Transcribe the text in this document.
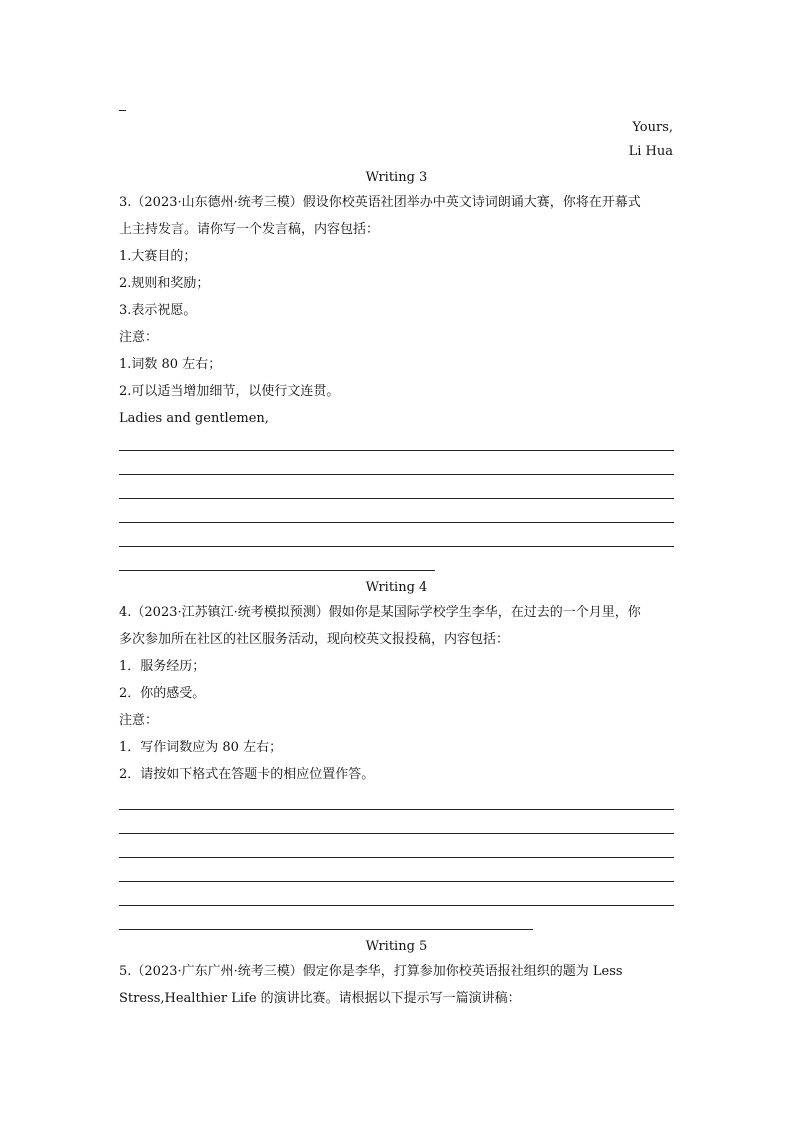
Yours,
Li Hua
Writing 3
3.（2023·山东德州·统考三模）假设你校英语社团举办中英文诗词朗诵大赛，你将在开幕式
上主持发言。请你写一个发言稿，内容包括：
1.大赛目的；
2.规则和奖励；
3.表示祝愿。
注意：
1.词数 80 左右；
2.可以适当增加细节，以使行文连贯。
Ladies and gentlemen,
Writing 4
4.（2023·江苏镇江·统考模拟预测）假如你是某国际学校学生李华，在过去的一个月里，你
多次参加所在社区的社区服务活动，现向校英文报投稿，内容包括：
1．服务经历；
2．你的感受。
注意：
1．写作词数应为 80 左右；
2．请按如下格式在答题卡的相应位置作答。
Writing 5
5.（2023·广东广州·统考三模）假定你是李华，打算参加你校英语报社组织的题为 Less
Stress,Healthier Life 的演讲比赛。请根据以下提示写一篇演讲稿：
